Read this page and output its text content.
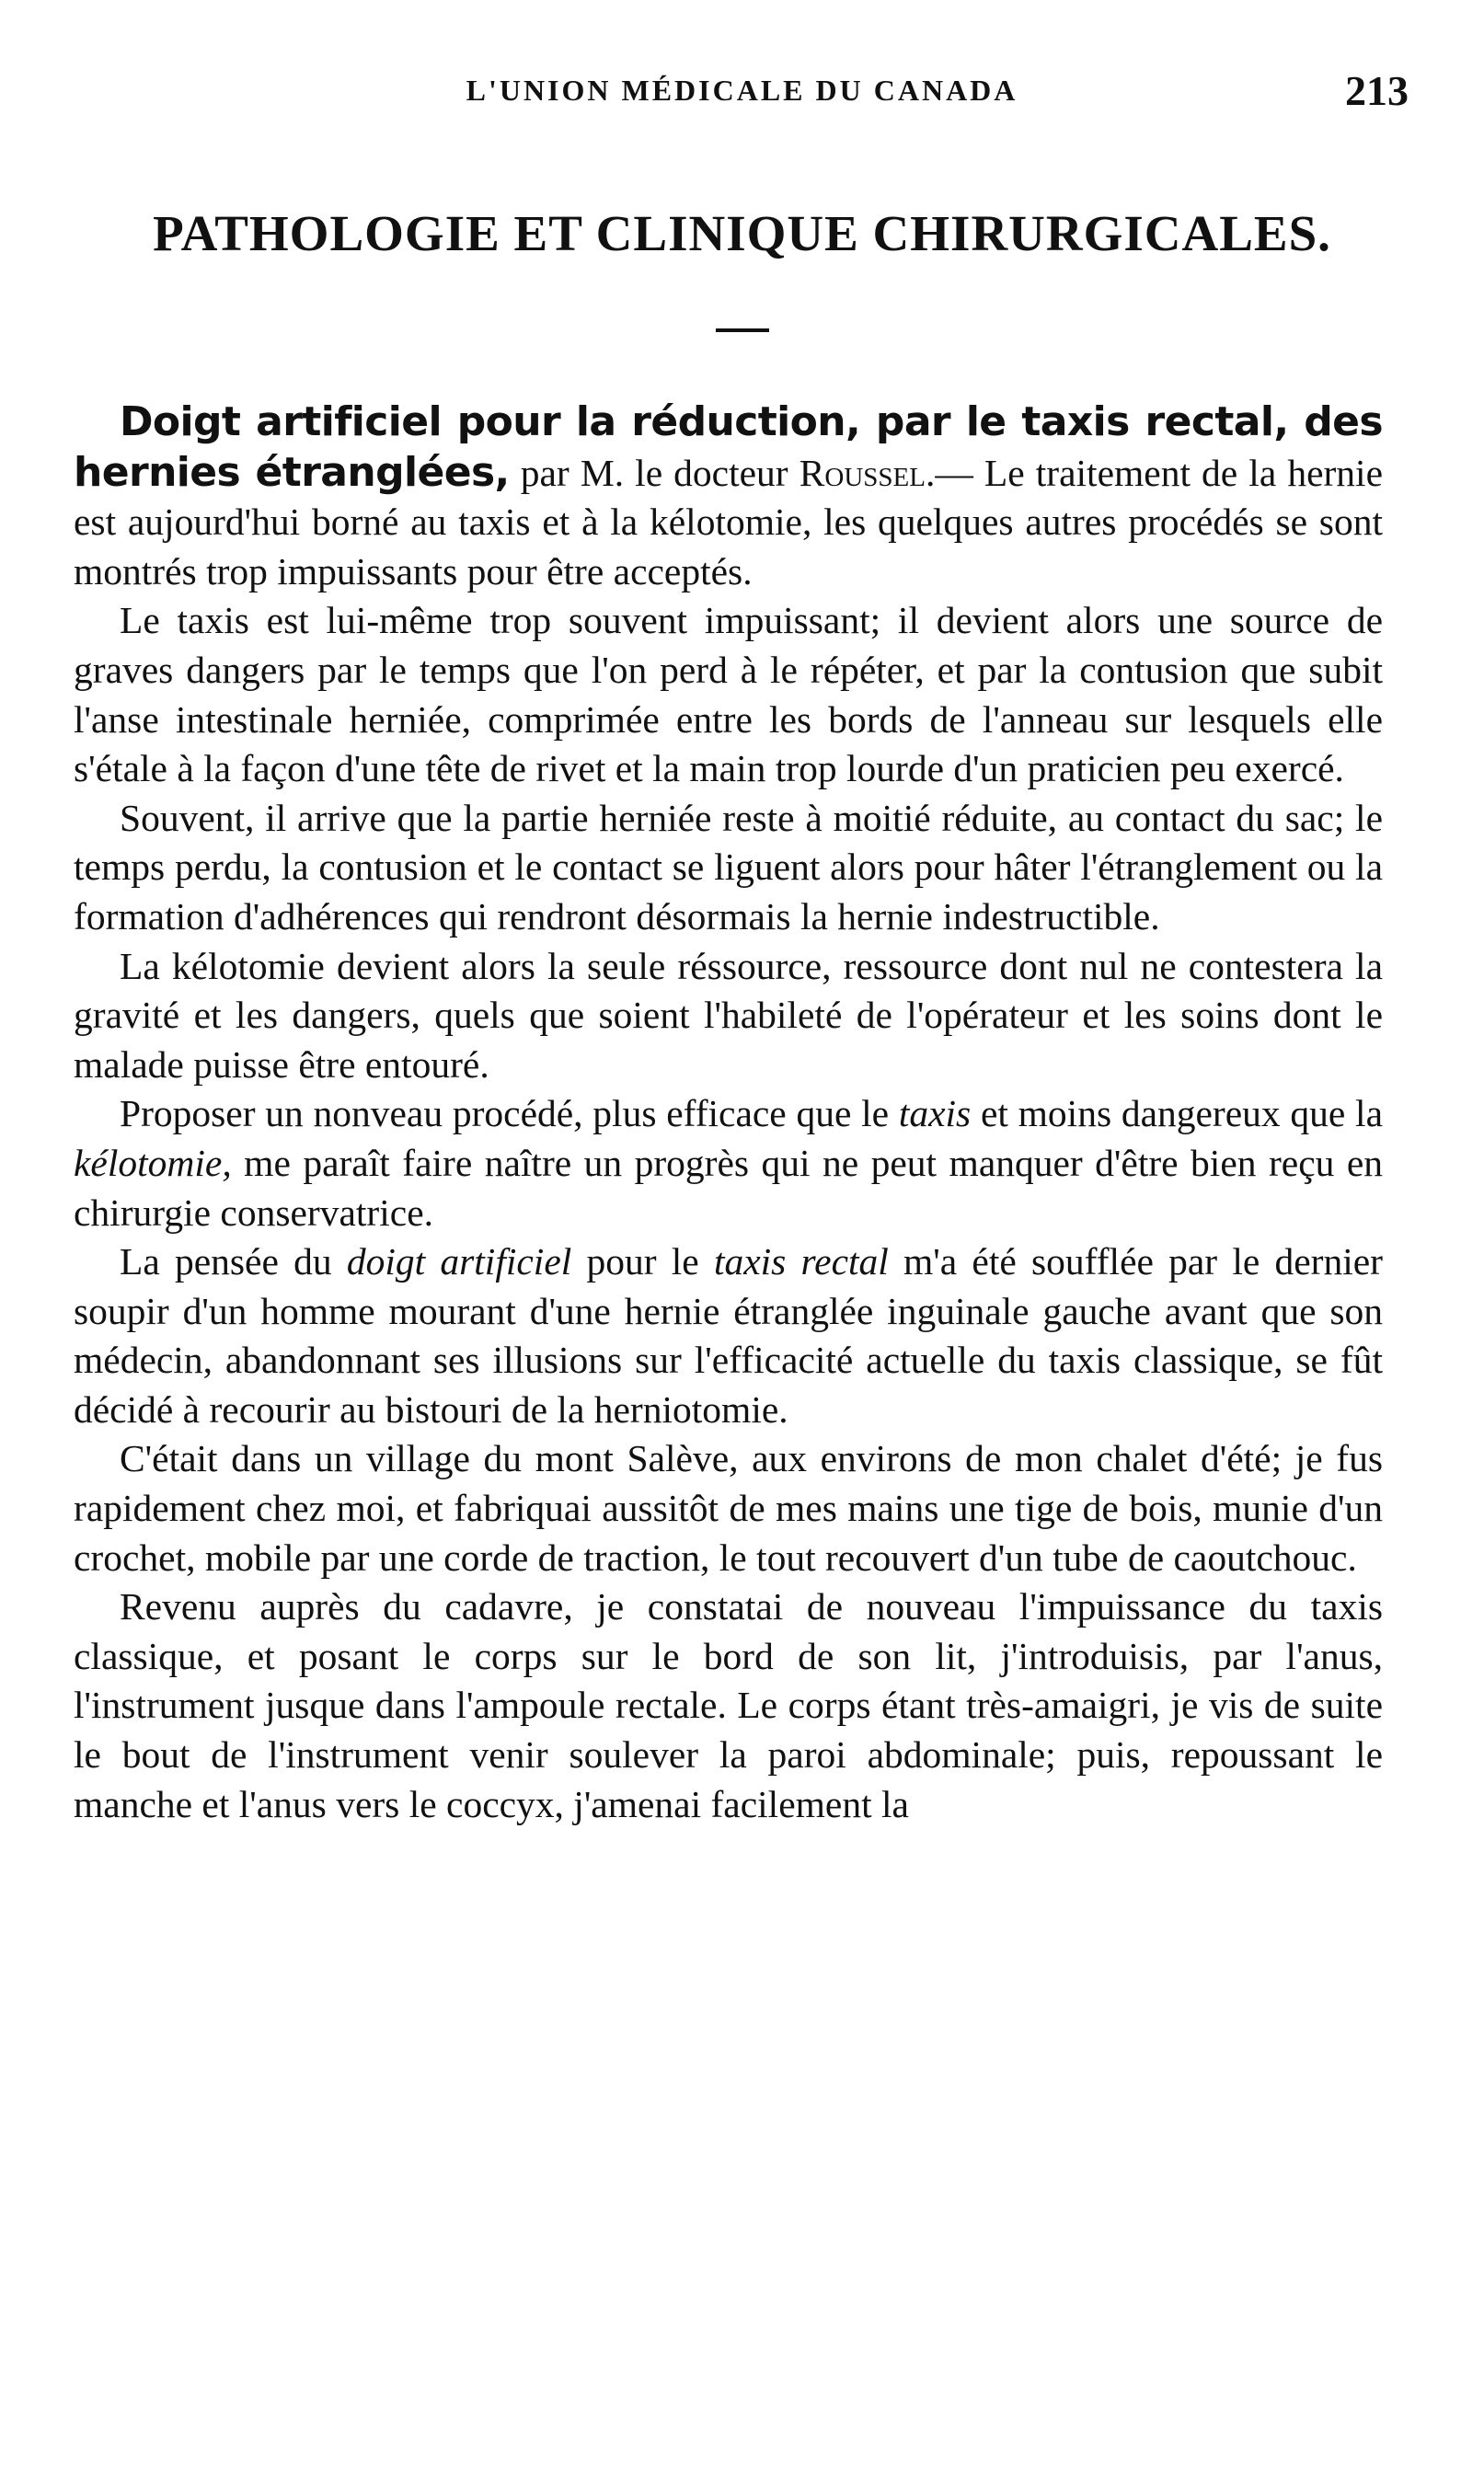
L'UNION MÉDICALE DU CANADA	213
PATHOLOGIE ET CLINIQUE CHIRURGICALES.

Doigt artificiel pour la réduction, par le taxis rectal, des hernies étranglées, par M. le docteur Roussel.— Le traitement de la hernie est aujourd'hui borné au taxis et à la kélotomie, les quelques autres procédés se sont montrés trop impuissants pour être acceptés.

Le taxis est lui-même trop souvent impuissant; il devient alors une source de graves dangers par le temps que l'on perd à le répéter, et par la contusion que subit l'anse intestinale herniée, comprimée entre les bords de l'anneau sur lesquels elle s'étale à la façon d'une tête de rivet et la main trop lourde d'un praticien peu exercé.

Souvent, il arrive que la partie herniée reste à moitié réduite, au contact du sac; le temps perdu, la contusion et le contact se liguent alors pour hâter l'étranglement ou la formation d'adhérences qui rendront désormais la hernie indestructible.

La kélotomie devient alors la seule réssource, ressource dont nul ne contestera la gravité et les dangers, quels que soient l'habileté de l'opérateur et les soins dont le malade puisse être entouré.

Proposer un nonveau procédé, plus efficace que le taxis et moins dangereux que la kélotomie, me paraît faire naître un progrès qui ne peut manquer d'être bien reçu en chirurgie conservatrice.

La pensée du doigt artificiel pour le taxis rectal m'a été soufflée par le dernier soupir d'un homme mourant d'une hernie étranglée inguinale gauche avant que son médecin, abandonnant ses illusions sur l'efficacité actuelle du taxis classique, se fût décidé à recourir au bistouri de la herniotomie.

C'était dans un village du mont Salève, aux environs de mon chalet d'été; je fus rapidement chez moi, et fabriquai aussitôt de mes mains une tige de bois, munie d'un crochet, mobile par une corde de traction, le tout recouvert d'un tube de caoutchouc.

Revenu auprès du cadavre, je constatai de nouveau l'impuissance du taxis classique, et posant le corps sur le bord de son lit, j'introduisis, par l'anus, l'instrument jusque dans l'ampoule rectale. Le corps étant très-amaigri, je vis de suite le bout de l'instrument venir soulever la paroi abdominale; puis, repoussant le manche et l'anus vers le coccyx, j'amenai facilement la
